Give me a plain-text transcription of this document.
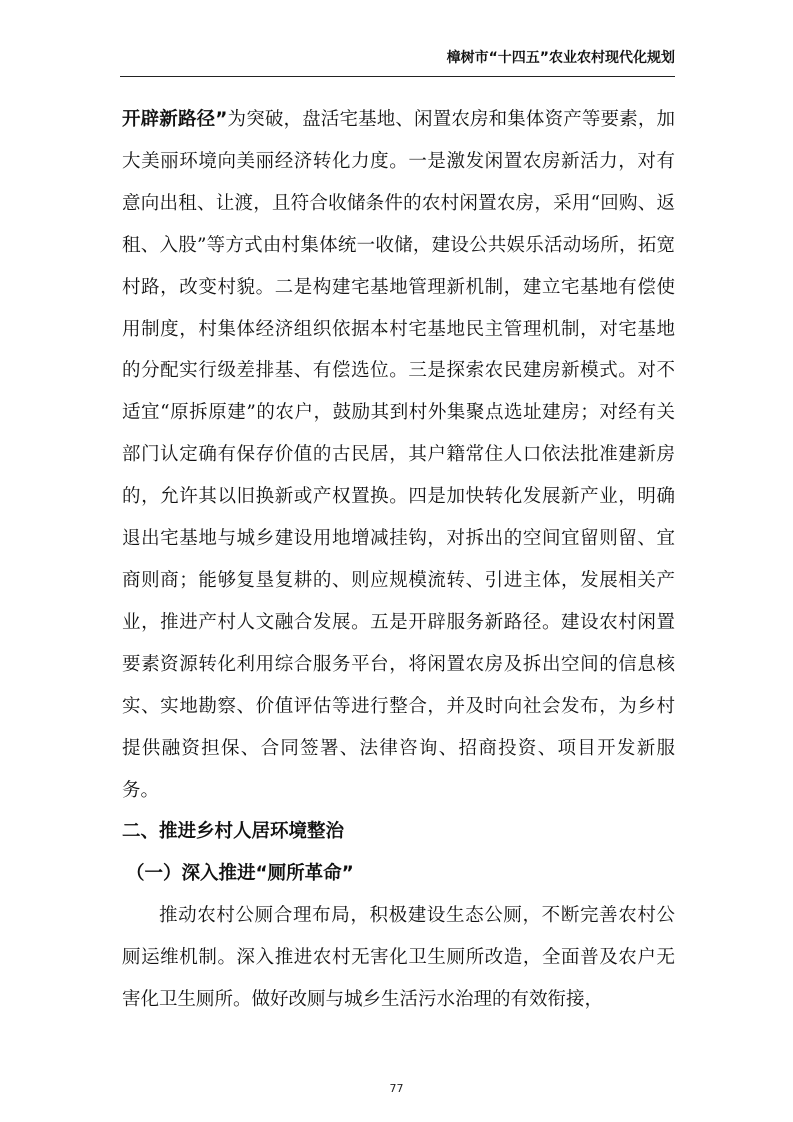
樟树市“十四五”农业农村现代化规划

开辟新路径”为突破，盘活宅基地、闲置农房和集体资产等要素，加大美丽环境向美丽经济转化力度。一是激发闲置农房新活力，对有意向出租、让渡，且符合收储条件的农村闲置农房，采用“回购、返租、入股”等方式由村集体统一收储，建设公共娱乐活动场所，拓宽村路，改变村貌。二是构建宅基地管理新机制，建立宅基地有偿使用制度，村集体经济组织依据本村宅基地民主管理机制，对宅基地的分配实行级差排基、有偿选位。三是探索农民建房新模式。对不适宜“原拆原建”的农户，鼓励其到村外集聚点选址建房；对经有关部门认定确有保存价值的古民居，其户籍常住人口依法批准建新房的，允许其以旧换新或产权置换。四是加快转化发展新产业，明确退出宅基地与城乡建设用地增减挂钩，对拆出的空间宜留则留、宜商则商；能够复垦复耕的、则应规模流转、引进主体，发展相关产业，推进产村人文融合发展。五是开辟服务新路径。建设农村闲置要素资源转化利用综合服务平台，将闲置农房及拆出空间的信息核实、实地勘察、价值评估等进行整合，并及时向社会发布，为乡村提供融资担保、合同签署、法律咨询、招商投资、项目开发新服务。

二、推进乡村人居环境整治
（一）深入推进“厕所革命”

推动农村公厕合理布局，积极建设生态公厕，不断完善农村公厕运维机制。深入推进农村无害化卫生厕所改造，全面普及农户无害化卫生厕所。做好改厕与城乡生活污水治理的有效衔接，

77
